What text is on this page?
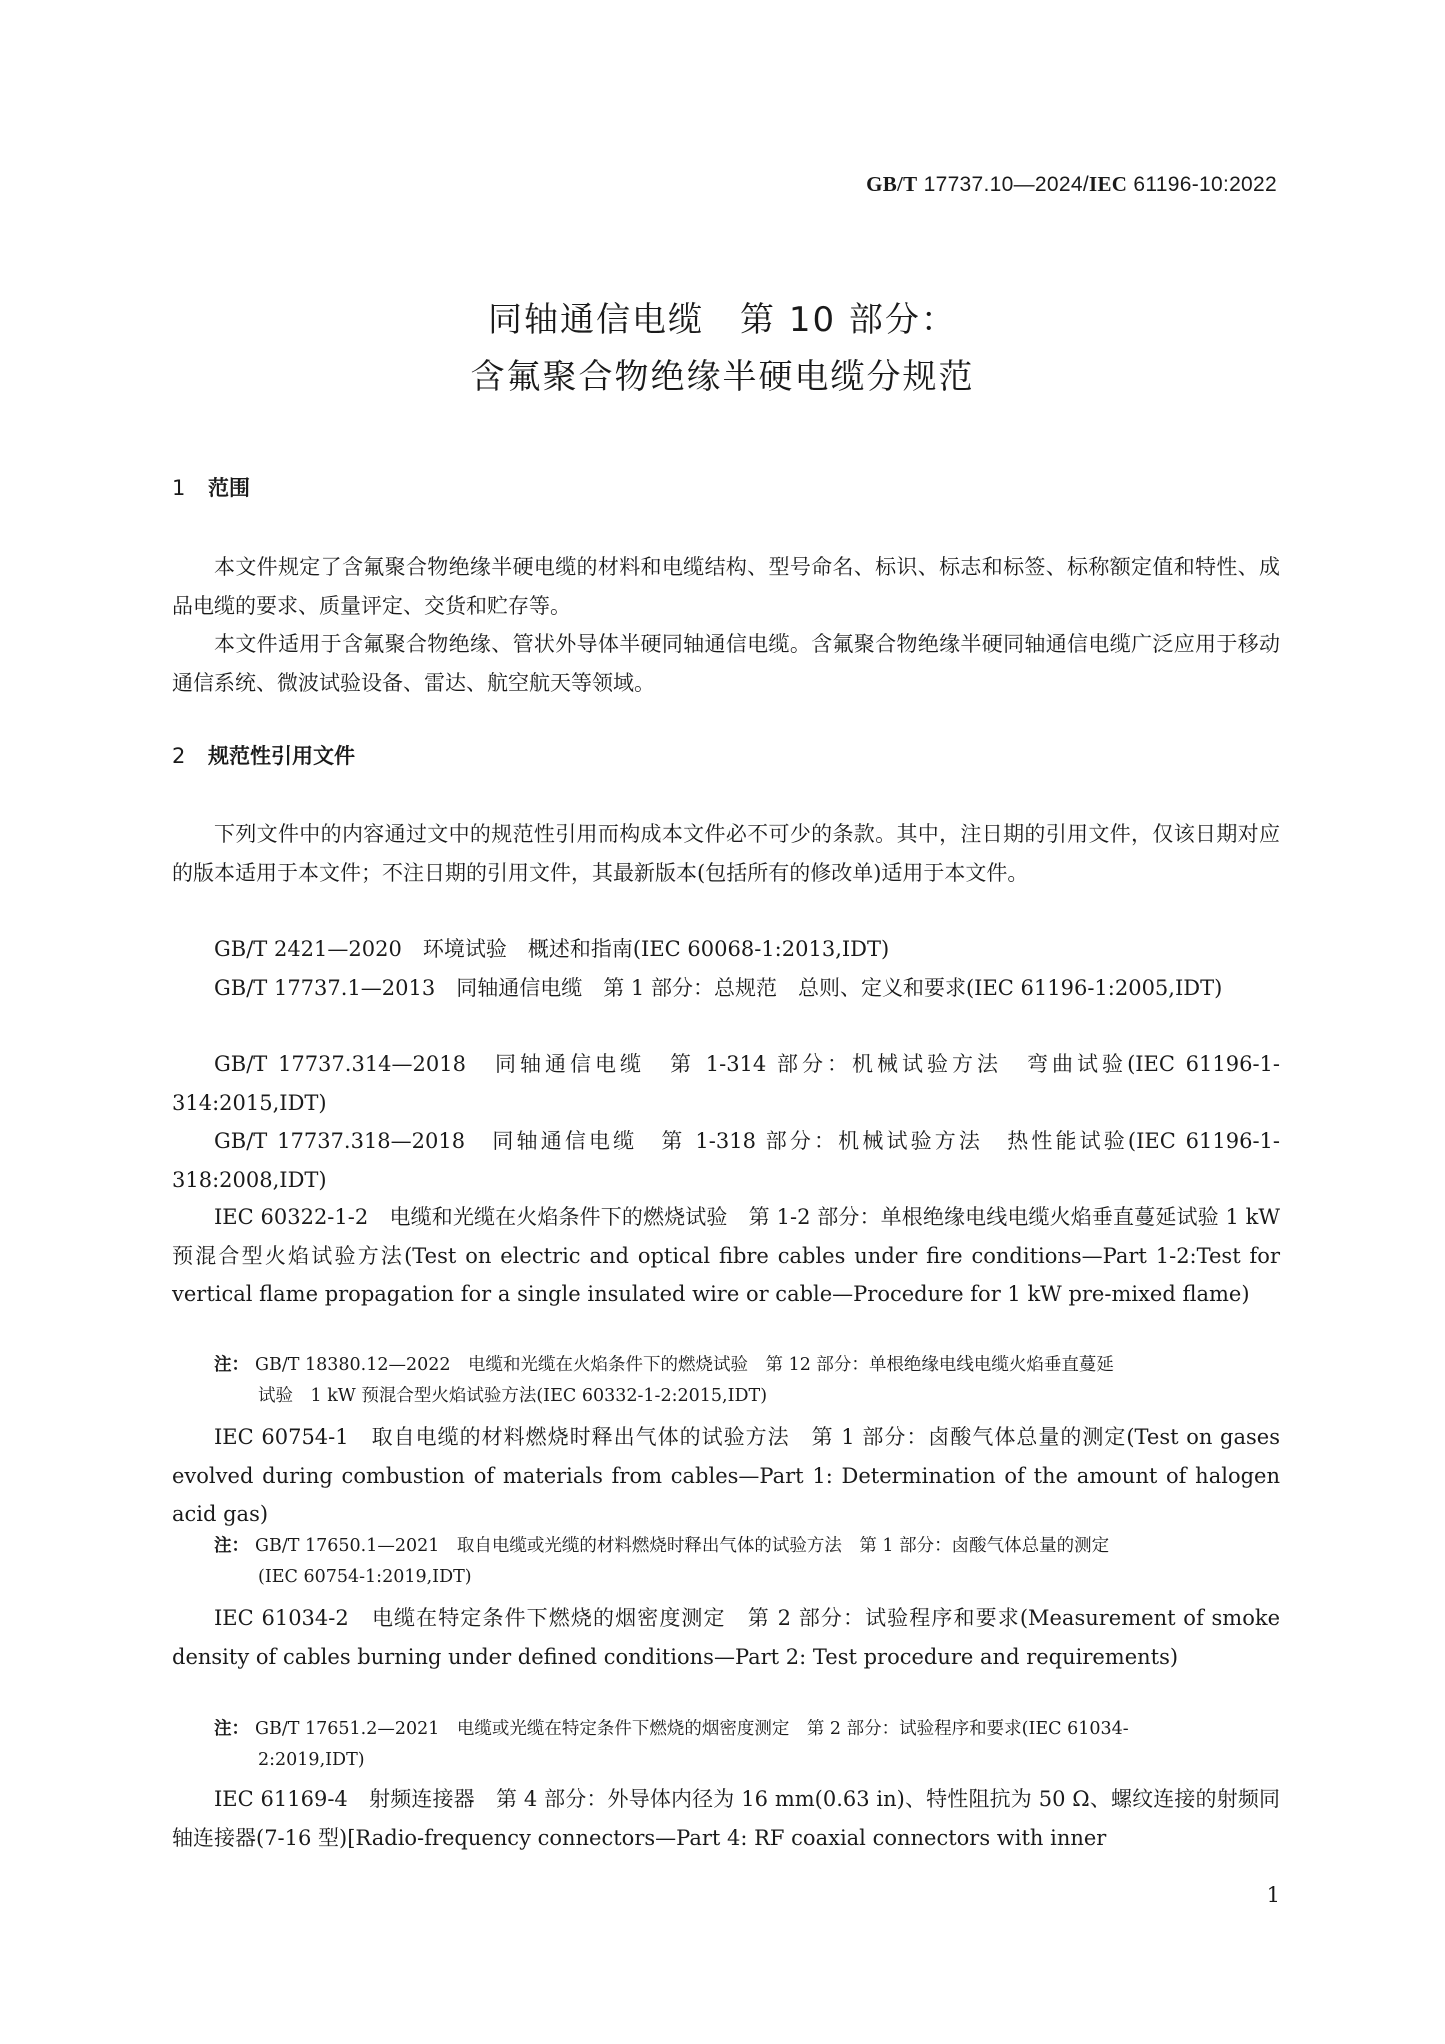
GB/T 17737.10—2024/IEC 61196-10:2022
同轴通信电缆　第 10 部分：
含氟聚合物绝缘半硬电缆分规范
1 范围
本文件规定了含氟聚合物绝缘半硬电缆的材料和电缆结构、型号命名、标识、标志和标签、标称额定值和特性、成品电缆的要求、质量评定、交货和贮存等。
本文件适用于含氟聚合物绝缘、管状外导体半硬同轴通信电缆。含氟聚合物绝缘半硬同轴通信电缆广泛应用于移动通信系统、微波试验设备、雷达、航空航天等领域。
2 规范性引用文件
下列文件中的内容通过文中的规范性引用而构成本文件必不可少的条款。其中，注日期的引用文件，仅该日期对应的版本适用于本文件；不注日期的引用文件，其最新版本(包括所有的修改单)适用于本文件。
GB/T 2421—2020　环境试验　概述和指南(IEC 60068-1:2013,IDT)
GB/T 17737.1—2013　同轴通信电缆　第 1 部分：总规范　总则、定义和要求(IEC 61196-1:2005,IDT)
GB/T 17737.314—2018　同轴通信电缆　第 1-314 部分：机械试验方法　弯曲试验(IEC 61196-1-314:2015,IDT)
GB/T 17737.318—2018　同轴通信电缆　第 1-318 部分：机械试验方法　热性能试验(IEC 61196-1-318:2008,IDT)
IEC 60322-1-2　电缆和光缆在火焰条件下的燃烧试验　第 1-2 部分：单根绝缘电线电缆火焰垂直蔓延试验 1 kW 预混合型火焰试验方法(Test on electric and optical fibre cables under fire conditions—Part 1-2:Test for vertical flame propagation for a single insulated wire or cable—Procedure for 1 kW pre-mixed flame)
注： GB/T 18380.12—2022　电缆和光缆在火焰条件下的燃烧试验　第 12 部分：单根绝缘电线电缆火焰垂直蔓延
试验　1 kW 预混合型火焰试验方法(IEC 60332-1-2:2015,IDT)
IEC 60754-1　取自电缆的材料燃烧时释出气体的试验方法　第 1 部分：卤酸气体总量的测定(Test on gases evolved during combustion of materials from cables—Part 1: Determination of the amount of halogen acid gas)
注： GB/T 17650.1—2021　取自电缆或光缆的材料燃烧时释出气体的试验方法　第 1 部分：卤酸气体总量的测定
(IEC 60754-1:2019,IDT)
IEC 61034-2　电缆在特定条件下燃烧的烟密度测定　第 2 部分：试验程序和要求(Measurement of smoke density of cables burning under defined conditions—Part 2: Test procedure and requirements)
注： GB/T 17651.2—2021　电缆或光缆在特定条件下燃烧的烟密度测定　第 2 部分：试验程序和要求(IEC 61034-
2:2019,IDT)
IEC 61169-4　射频连接器　第 4 部分：外导体内径为 16 mm(0.63 in)、特性阻抗为 50 Ω、螺纹连接的射频同轴连接器(7-16 型)[Radio-frequency connectors—Part 4: RF coaxial connectors with inner
1
